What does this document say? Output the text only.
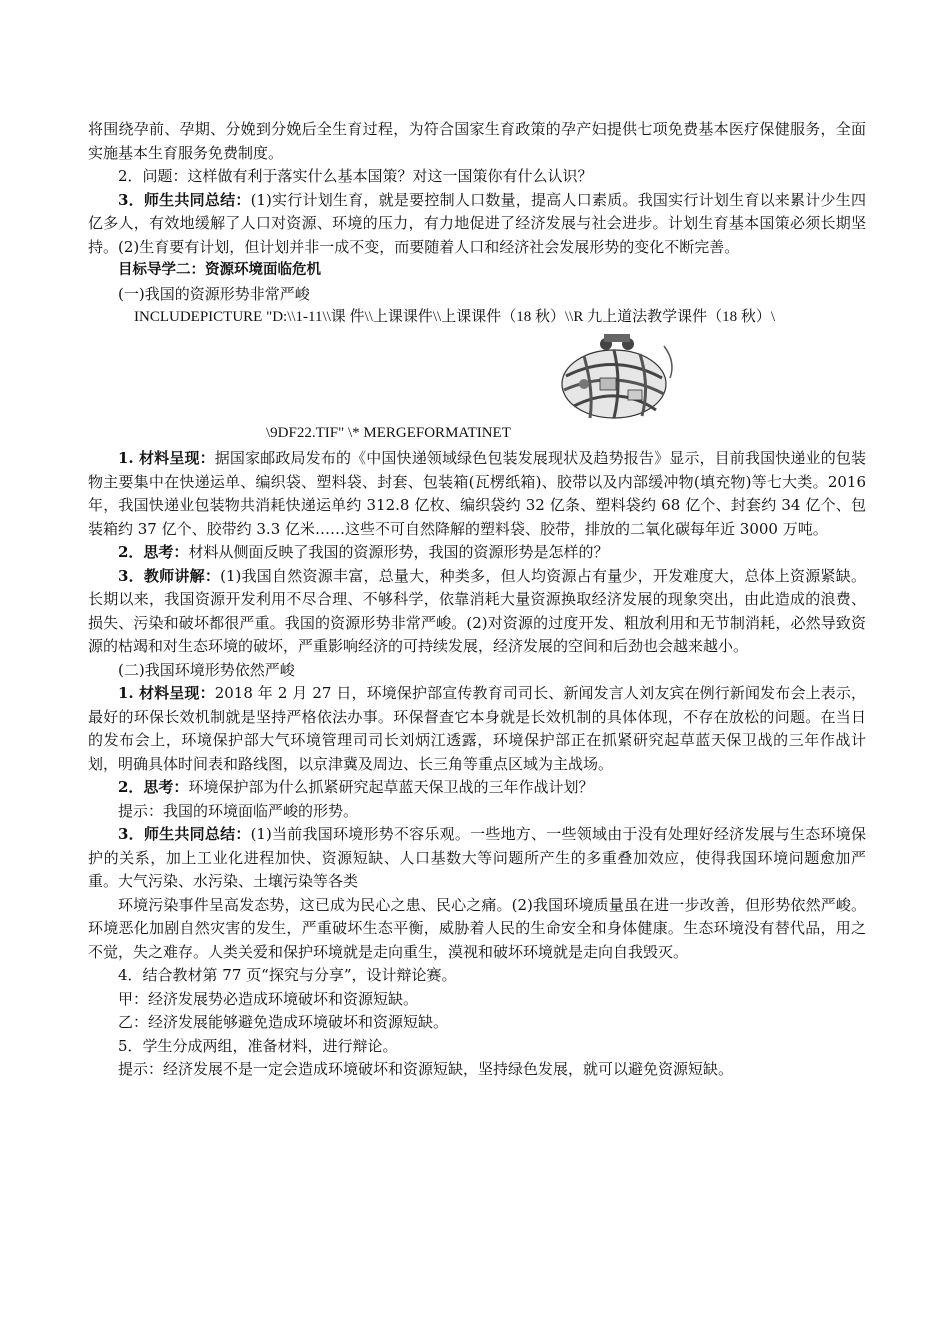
将围绕孕前、孕期、分娩到分娩后全生育过程，为符合国家生育政策的孕产妇提供七项免费基本医疗保健服务，全面实施基本生育服务免费制度。

2．问题：这样做有利于落实什么基本国策？对这一国策你有什么认识？

3．师生共同总结：(1)实行计划生育，就是要控制人口数量，提高人口素质。我国实行计划生育以来累计少生四亿多人，有效地缓解了人口对资源、环境的压力，有力地促进了经济发展与社会进步。计划生育基本国策必须长期坚持。(2)生育要有计划，但计划并非一成不变，而要随着人口和经济社会发展形势的变化不断完善。

目标导学二：资源环境面临危机

(一)我国的资源形势非常严峻

INCLUDEPICTURE "D:\\1-11\\课 件\\上课课件\\上课课件（18 秋）\\R 九上道法教学课件（18 秋）\

\9DF22.TIF" \* MERGEFORMATINET

1. 材料呈现：据国家邮政局发布的《中国快递领域绿色包装发展现状及趋势报告》显示，目前我国快递业的包装物主要集中在快递运单、编织袋、塑料袋、封套、包装箱(瓦楞纸箱)、胶带以及内部缓冲物(填充物)等七大类。2016 年，我国快递业包装物共消耗快递运单约 312.8 亿枚、编织袋约 32 亿条、塑料袋约 68 亿个、封套约 34 亿个、包装箱约 37 亿个、胶带约 3.3 亿米……这些不可自然降解的塑料袋、胶带，排放的二氧化碳每年近 3000 万吨。

2．思考：材料从侧面反映了我国的资源形势，我国的资源形势是怎样的？

3．教师讲解：(1)我国自然资源丰富，总量大，种类多，但人均资源占有量少，开发难度大，总体上资源紧缺。长期以来，我国资源开发利用不尽合理、不够科学，依靠消耗大量资源换取经济发展的现象突出，由此造成的浪费、损失、污染和破坏都很严重。我国的资源形势非常严峻。(2)对资源的过度开发、粗放利用和无节制消耗，必然导致资源的枯竭和对生态环境的破坏，严重影响经济的可持续发展，经济发展的空间和后劲也会越来越小。

(二)我国环境形势依然严峻

1. 材料呈现：2018 年 2 月 27 日，环境保护部宣传教育司司长、新闻发言人刘友宾在例行新闻发布会上表示，最好的环保长效机制就是坚持严格依法办事。环保督查它本身就是长效机制的具体体现，不存在放松的问题。在当日的发布会上，环境保护部大气环境管理司司长刘炳江透露，环境保护部正在抓紧研究起草蓝天保卫战的三年作战计划，明确具体时间表和路线图，以京津冀及周边、长三角等重点区域为主战场。

2．思考：环境保护部为什么抓紧研究起草蓝天保卫战的三年作战计划？

提示：我国的环境面临严峻的形势。

3．师生共同总结：(1)当前我国环境形势不容乐观。一些地方、一些领域由于没有处理好经济发展与生态环境保护的关系，加上工业化进程加快、资源短缺、人口基数大等问题所产生的多重叠加效应，使得我国环境问题愈加严重。大气污染、水污染、土壤污染等各类

环境污染事件呈高发态势，这已成为民心之患、民心之痛。(2)我国环境质量虽在进一步改善，但形势依然严峻。环境恶化加剧自然灾害的发生，严重破坏生态平衡，威胁着人民的生命安全和身体健康。生态环境没有替代品，用之不觉，失之难存。人类关爱和保护环境就是走向重生，漠视和破坏环境就是走向自我毁灭。

4．结合教材第 77 页“探究与分享”，设计辩论赛。

甲：经济发展势必造成环境破坏和资源短缺。

乙：经济发展能够避免造成环境破坏和资源短缺。

5．学生分成两组，准备材料，进行辩论。

提示：经济发展不是一定会造成环境破坏和资源短缺，坚持绿色发展，就可以避免资源短缺。
